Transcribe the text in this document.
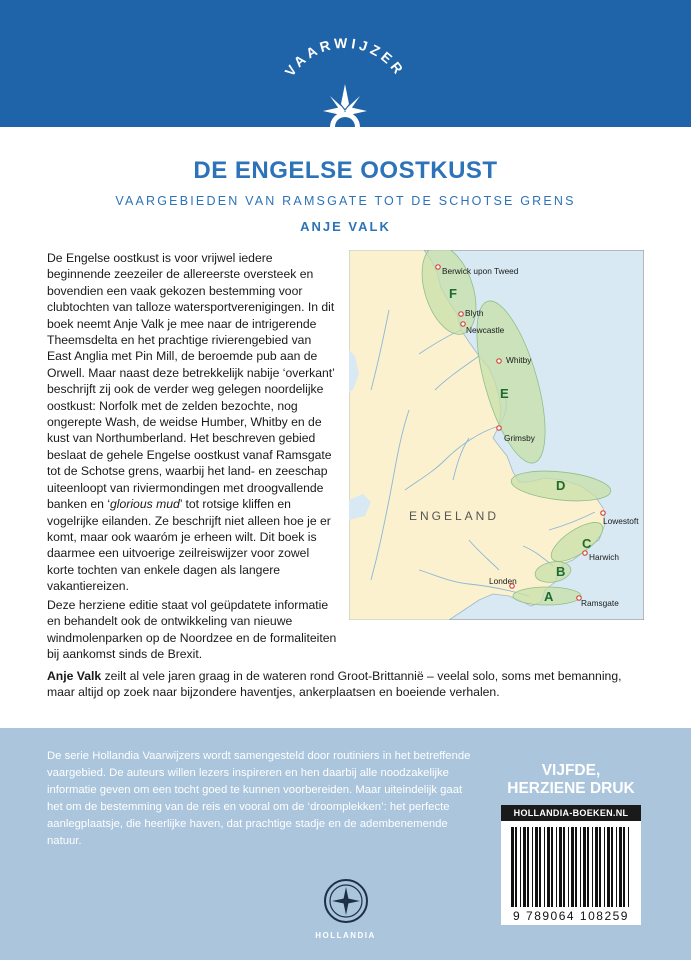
VAARWIJZER
DE ENGELSE OOSTKUST
VAARGEBIEDEN VAN RAMSGATE TOT DE SCHOTSE GRENS
ANJE VALK

De Engelse oostkust is voor vrijwel iedere beginnende zeezeiler de allereerste oversteek en bovendien een vaak gekozen bestemming voor clubtochten van talloze watersportverenigingen. In dit boek neemt Anje Valk je mee naar de intrigerende Theemsdelta en het prachtige rivierengebied van East Anglia met Pin Mill, de beroemde pub aan de Orwell. Maar naast deze betrekkelijk nabije ‘overkant’ beschrijft zij ook de verder weg gelegen noordelijke oostkust: Norfolk met de zelden bezochte, nog ongerepte Wash, de weidse Humber, Whitby en de kust van Northumberland. Het beschreven gebied beslaat de gehele Engelse oostkust vanaf Ramsgate tot de Schotse grens, waarbij het land- en zeeschap uiteenloopt van riviermondingen met droogvallende banken en ‘glorious mud’ tot rotsige kliffen en vogelrijke eilanden. Ze beschrijft niet alleen hoe je er komt, maar ook waaróm je erheen wilt. Dit boek is daarmee een uitvoerige zeilreiswijzer voor zowel korte tochten van enkele dagen als langere vakantiereizen.

Deze herziene editie staat vol geüpdatete informatie en behandelt ook de ontwikkeling van nieuwe windmolenparken op de Noordzee en de formaliteiten bij aankomst sinds de Brexit.

Anje Valk zeilt al vele jaren graag in de wateren rond Groot-Brittannië – veelal solo, soms met bemanning, maar altijd op zoek naar bijzondere haventjes, ankerplaatsen en boeiende verhalen.

F
E
D
C
B
A
Berwick upon Tweed
Blyth
Newcastle
Whitby
Grimsby
Lowestoft
Harwich
Londen
Ramsgate
ENGELAND

De serie Hollandia Vaarwijzers wordt samengesteld door routiniers in het betreffende vaargebied. De auteurs willen lezers inspireren en hen daarbij alle noodzakelijke informatie geven om een tocht goed te kunnen voorbereiden. Maar uiteindelijk gaat het om de bestemming van de reis en vooral om de ‘droomplekken’: het perfecte aanlegplaatsje, die heerlijke haven, dat prachtige stadje en de adembenemende natuur.

VIJFDE,
HERZIENE DRUK
HOLLANDIA-BOEKEN.NL
9 789064 108259
HOLLANDIA
